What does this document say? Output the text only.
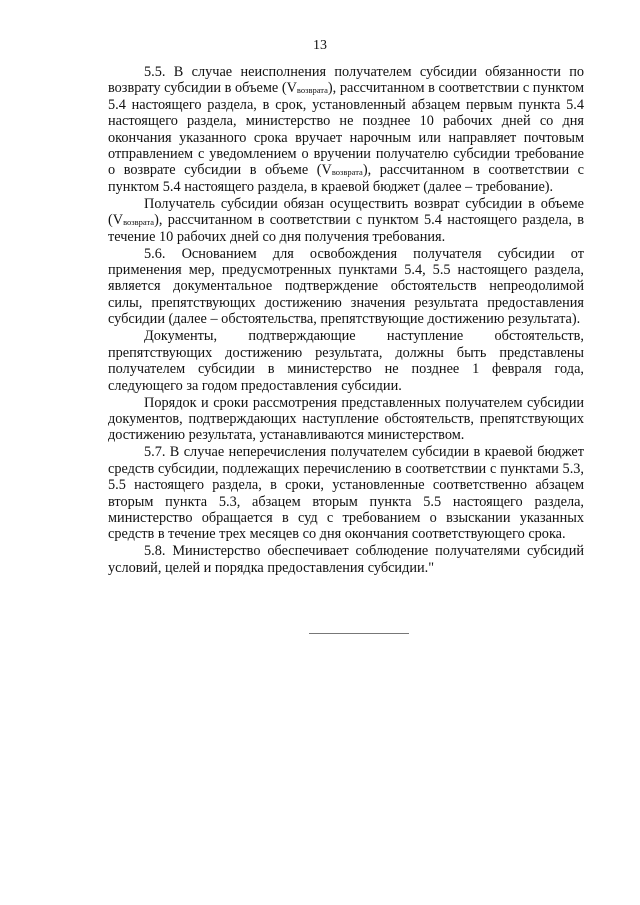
13

5.5. В случае неисполнения получателем субсидии обязанности по возврату субсидии в объеме $(V_{возврата})$, рассчитанном в соответствии с пунктом 5.4 настоящего раздела, в срок, установленный абзацем первым пункта 5.4 настоящего раздела, министерство не позднее 10 рабочих дней со дня окончания указанного срока вручает нарочным или направляет почтовым отправлением с уведомлением о вручении получателю субсидии требование о возврате субсидии в объеме $(V_{возврата})$, рассчитанном в соответствии с пунктом 5.4 настоящего раздела, в краевой бюджет (далее – требование).

Получатель субсидии обязан осуществить возврат субсидии в объеме $(V_{возврата})$, рассчитанном в соответствии с пунктом 5.4 настоящего раздела, в течение 10 рабочих дней со дня получения требования.

5.6. Основанием для освобождения получателя субсидии от применения мер, предусмотренных пунктами 5.4, 5.5 настоящего раздела, является документальное подтверждение обстоятельств непреодолимой силы, препятствующих достижению значения результата предоставления субсидии (далее – обстоятельства, препятствующие достижению результата).

Документы, подтверждающие наступление обстоятельств, препятствующих достижению результата, должны быть представлены получателем субсидии в министерство не позднее 1 февраля года, следующего за годом предоставления субсидии.

Порядок и сроки рассмотрения представленных получателем субсидии документов, подтверждающих наступление обстоятельств, препятствующих достижению результата, устанавливаются министерством.

5.7. В случае неперечисления получателем субсидии в краевой бюджет средств субсидии, подлежащих перечислению в соответствии с пунктами 5.3, 5.5 настоящего раздела, в сроки, установленные соответственно абзацем вторым пункта 5.3, абзацем вторым пункта 5.5 настоящего раздела, министерство обращается в суд с требованием о взыскании указанных средств в течение трех месяцев со дня окончания соответствующего срока.

5.8. Министерство обеспечивает соблюдение получателями субсидий условий, целей и порядка предоставления субсидии."
